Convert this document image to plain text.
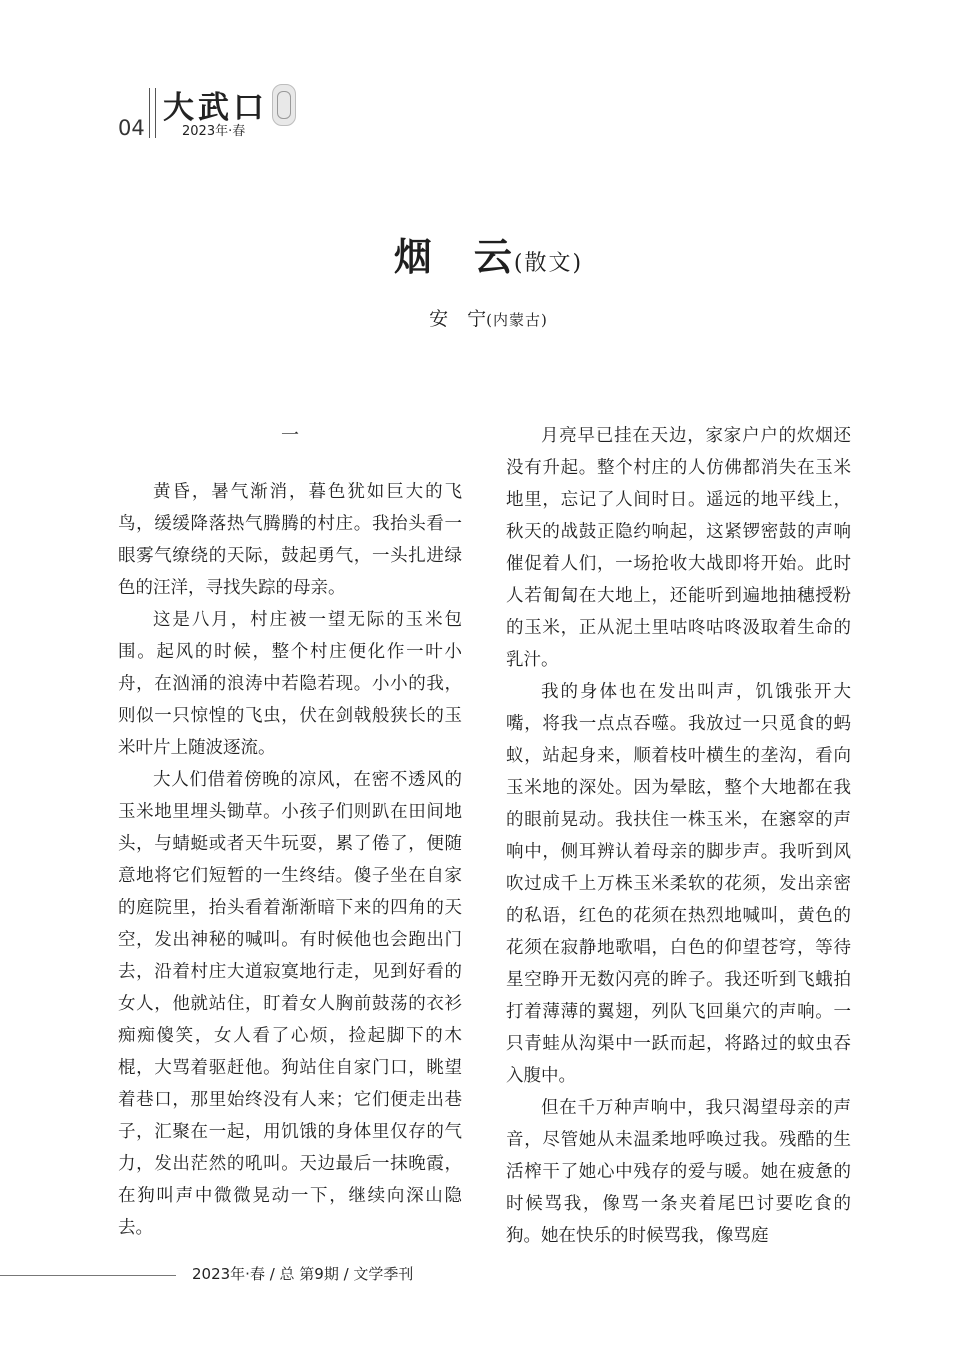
04
大武口
2023年·春
烟　云(散文)
安　宁(内蒙古)
一

黄昏，暑气渐消，暮色犹如巨大的飞鸟，缓缓降落热气腾腾的村庄。我抬头看一眼雾气缭绕的天际，鼓起勇气，一头扎进绿色的汪洋，寻找失踪的母亲。

这是八月，村庄被一望无际的玉米包围。起风的时候，整个村庄便化作一叶小舟，在汹涌的浪涛中若隐若现。小小的我，则似一只惊惶的飞虫，伏在剑戟般狭长的玉米叶片上随波逐流。

大人们借着傍晚的凉风，在密不透风的玉米地里埋头锄草。小孩子们则趴在田间地头，与蜻蜓或者天牛玩耍，累了倦了，便随意地将它们短暂的一生终结。傻子坐在自家的庭院里，抬头看着渐渐暗下来的四角的天空，发出神秘的喊叫。有时候他也会跑出门去，沿着村庄大道寂寞地行走，见到好看的女人，他就站住，盯着女人胸前鼓荡的衣衫痴痴傻笑，女人看了心烦，捡起脚下的木棍，大骂着驱赶他。狗站住自家门口，眺望着巷口，那里始终没有人来；它们便走出巷子，汇聚在一起，用饥饿的身体里仅存的气力，发出茫然的吼叫。天边最后一抹晚霞，在狗叫声中微微晃动一下，继续向深山隐去。

月亮早已挂在天边，家家户户的炊烟还没有升起。整个村庄的人仿佛都消失在玉米地里，忘记了人间时日。遥远的地平线上，秋天的战鼓正隐约响起，这紧锣密鼓的声响催促着人们，一场抢收大战即将开始。此时人若匍匐在大地上，还能听到遍地抽穗授粉的玉米，正从泥土里咕咚咕咚汲取着生命的乳汁。

我的身体也在发出叫声，饥饿张开大嘴，将我一点点吞噬。我放过一只觅食的蚂蚁，站起身来，顺着枝叶横生的垄沟，看向玉米地的深处。因为晕眩，整个大地都在我的眼前晃动。我扶住一株玉米，在窸窣的声响中，侧耳辨认着母亲的脚步声。我听到风吹过成千上万株玉米柔软的花须，发出亲密的私语，红色的花须在热烈地喊叫，黄色的花须在寂静地歌唱，白色的仰望苍穹，等待星空睁开无数闪亮的眸子。我还听到飞蛾拍打着薄薄的翼翅，列队飞回巢穴的声响。一只青蛙从沟渠中一跃而起，将路过的蚊虫吞入腹中。

但在千万种声响中，我只渴望母亲的声音，尽管她从未温柔地呼唤过我。残酷的生活榨干了她心中残存的爱与暖。她在疲惫的时候骂我，像骂一条夹着尾巴讨要吃食的狗。她在快乐的时候骂我，像骂庭

2023年·春 / 总 第9期 / 文学季刊
